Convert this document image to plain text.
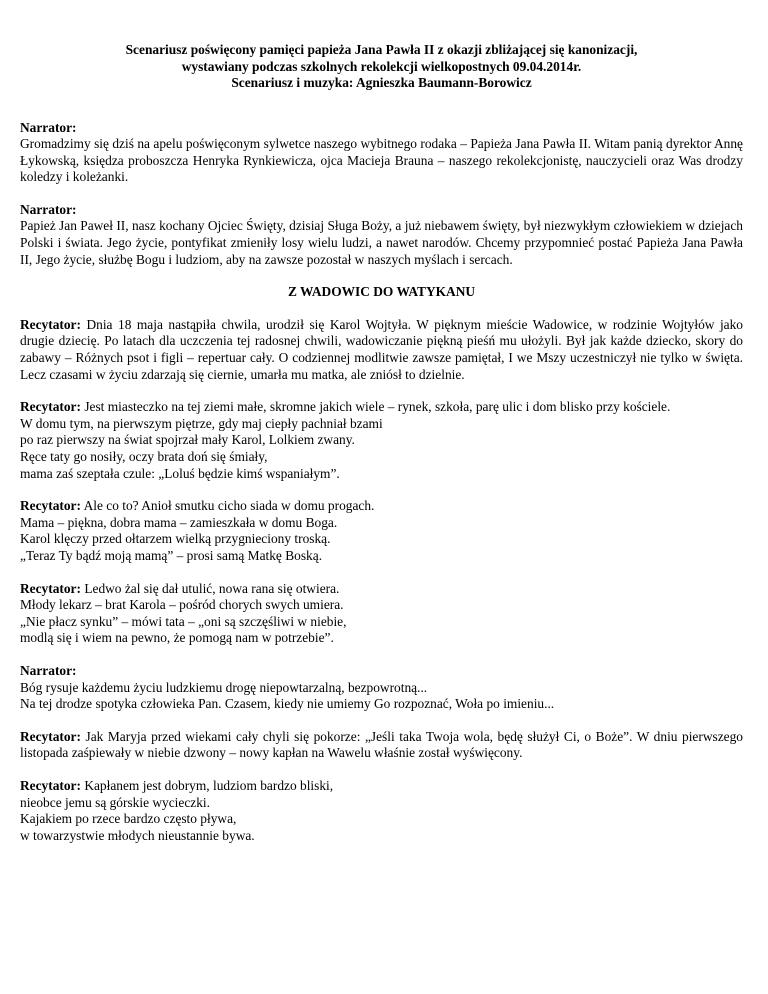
Scenariusz poświęcony pamięci papieża Jana Pawła II z okazji zbliżającej się kanonizacji,
wystawiany podczas szkolnych rekolekcji wielkopostnych 09.04.2014r.
Scenariusz i muzyka: Agnieszka Baumann-Borowicz
Narrator:
Gromadzimy się dziś na apelu poświęconym sylwetce naszego wybitnego rodaka – Papieża Jana Pawła II. Witam panią dyrektor Annę Łykowską, księdza proboszcza Henryka Rynkiewicza, ojca Macieja Brauna – naszego rekolekcjonistę, nauczycieli oraz Was drodzy koledzy i koleżanki.
Narrator:
Papież Jan Paweł II, nasz kochany Ojciec Święty, dzisiaj Sługa Boży, a już niebawem święty, był niezwykłym człowiekiem w dziejach Polski i świata. Jego życie, pontyfikat zmieniły losy wielu ludzi, a nawet narodów. Chcemy przypomnieć postać Papieża Jana Pawła II, Jego życie, służbę Bogu i ludziom, aby na zawsze pozostał w naszych myślach i sercach.
Z WADOWIC DO WATYKANU
Recytator: Dnia 18 maja nastąpiła chwila, urodził się Karol Wojtyła. W pięknym mieście Wadowice, w rodzinie Wojtyłów jako drugie dziecię. Po latach dla uczczenia tej radosnej chwili, wadowiczanie piękną pieśń mu ułożyli. Był jak każde dziecko, skory do zabawy – Różnych psot i figli – repertuar cały. O codziennej modlitwie zawsze pamiętał, I we Mszy uczestniczył nie tylko w święta. Lecz czasami w życiu zdarzają się ciernie, umarła mu matka, ale zniósł to dzielnie.
Recytator: Jest miasteczko na tej ziemi małe, skromne jakich wiele – rynek, szkoła, parę ulic i dom blisko przy kościele.
W domu tym, na pierwszym piętrze, gdy maj ciepły pachniał bzami
po raz pierwszy na świat spojrzał mały Karol, Lolkiem zwany.
Ręce taty go nosiły, oczy brata doń się śmiały,
mama zaś szeptała czule: „Loluś będzie kimś wspaniałym”.
Recytator: Ale co to? Anioł smutku cicho siada w domu progach.
Mama – piękna, dobra mama – zamieszkała w domu Boga.
Karol klęczy przed ołtarzem wielką przygnieciony troską.
„Teraz Ty bądź moją mamą” – prosi samą Matkę Boską.
Recytator: Ledwo żal się dał utulić, nowa rana się otwiera.
Młody lekarz – brat Karola – pośród chorych swych umiera.
„Nie płacz synku” – mówi tata – „oni są szczęśliwi w niebie,
modlą się i wiem na pewno, że pomogą nam w potrzebie”.
Narrator:
Bóg rysuje każdemu życiu ludzkiemu drogę niepowtarzalną, bezpowrotną...
Na tej drodze spotyka człowieka Pan. Czasem, kiedy nie umiemy Go rozpoznać, Woła po imieniu...
Recytator: Jak Maryja przed wiekami cały chyli się pokorze: „Jeśli taka Twoja wola, będę służył Ci, o Boże”. W dniu pierwszego listopada zaśpiewały w niebie dzwony – nowy kapłan na Wawelu właśnie został wyświęcony.
Recytator: Kapłanem jest dobrym, ludziom bardzo bliski,
nieobce jemu są górskie wycieczki.
Kajakiem po rzece bardzo często pływa,
w towarzystwie młodych nieustannie bywa.
